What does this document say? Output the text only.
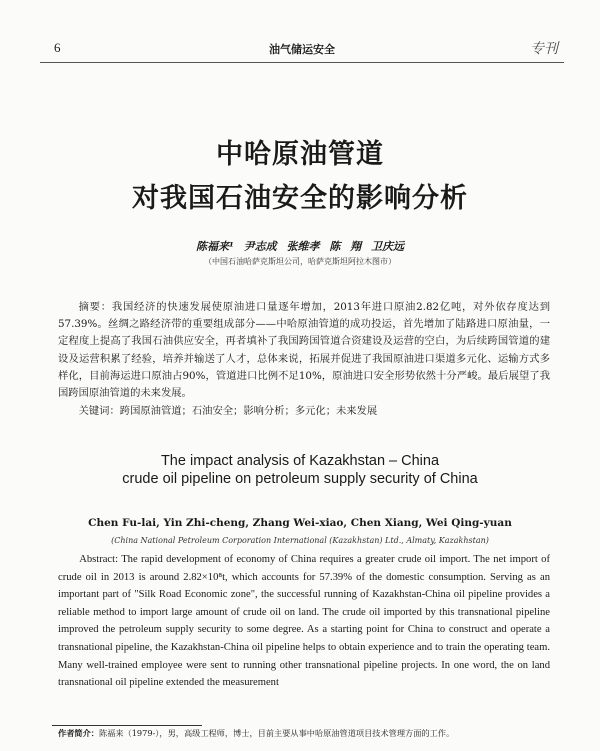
6	油气储运安全	专刊
中哈原油管道
对我国石油安全的影响分析
陈福来¹ 尹志成 张维孝 陈 翔 卫庆远
（中国石油哈萨克斯坦公司，哈萨克斯坦阿拉木图市）
摘要：我国经济的快速发展使原油进口量逐年增加，2013年进口原油2.82亿吨，对外依存度达到57.39%。丝绸之路经济带的重要组成部分——中哈原油管道的成功投运，首先增加了陆路进口原油量，一定程度上提高了我国石油供应安全，再者填补了我国跨国管道合资建设及运营的空白，为后续跨国管道的建设及运营积累了经验，培养并输送了人才，总体来说，拓展并促进了我国原油进口渠道多元化、运输方式多样化，目前海运进口原油占90%，管道进口比例不足10%，原油进口安全形势依然十分严峻。最后展望了我国跨国原油管道的未来发展。
关键词：跨国原油管道；石油安全；影响分析；多元化；未来发展
The impact analysis of Kazakhstan – China
crude oil pipeline on petroleum supply security of China
Chen Fu-lai, Yin Zhi-cheng, Zhang Wei-xiao, Chen Xiang, Wei Qing-yuan
(China National Petroleum Corporation International (Kazakhstan) Ltd., Almaty, Kazakhstan)
Abstract: The rapid development of economy of China requires a greater crude oil import. The net import of crude oil in 2013 is around 2.82×10⁸t, which accounts for 57.39% of the domestic consumption. Serving as an important part of "Silk Road Economic zone", the successful running of Kazakhstan-China oil pipeline provides a reliable method to import large amount of crude oil on land. The crude oil imported by this transnational pipeline improved the petroleum supply security to some degree. As a starting point for China to construct and operate a transnational pipeline, the Kazakhstan-China oil pipeline helps to obtain experience and to train the operating team. Many well-trained employee were sent to running other transnational pipeline projects. In one word, the on land transnational oil pipeline extended the measurement
作者简介：陈福来（1979-），男，高级工程师，博士，目前主要从事中哈原油管道项目技术管理方面的工作。
